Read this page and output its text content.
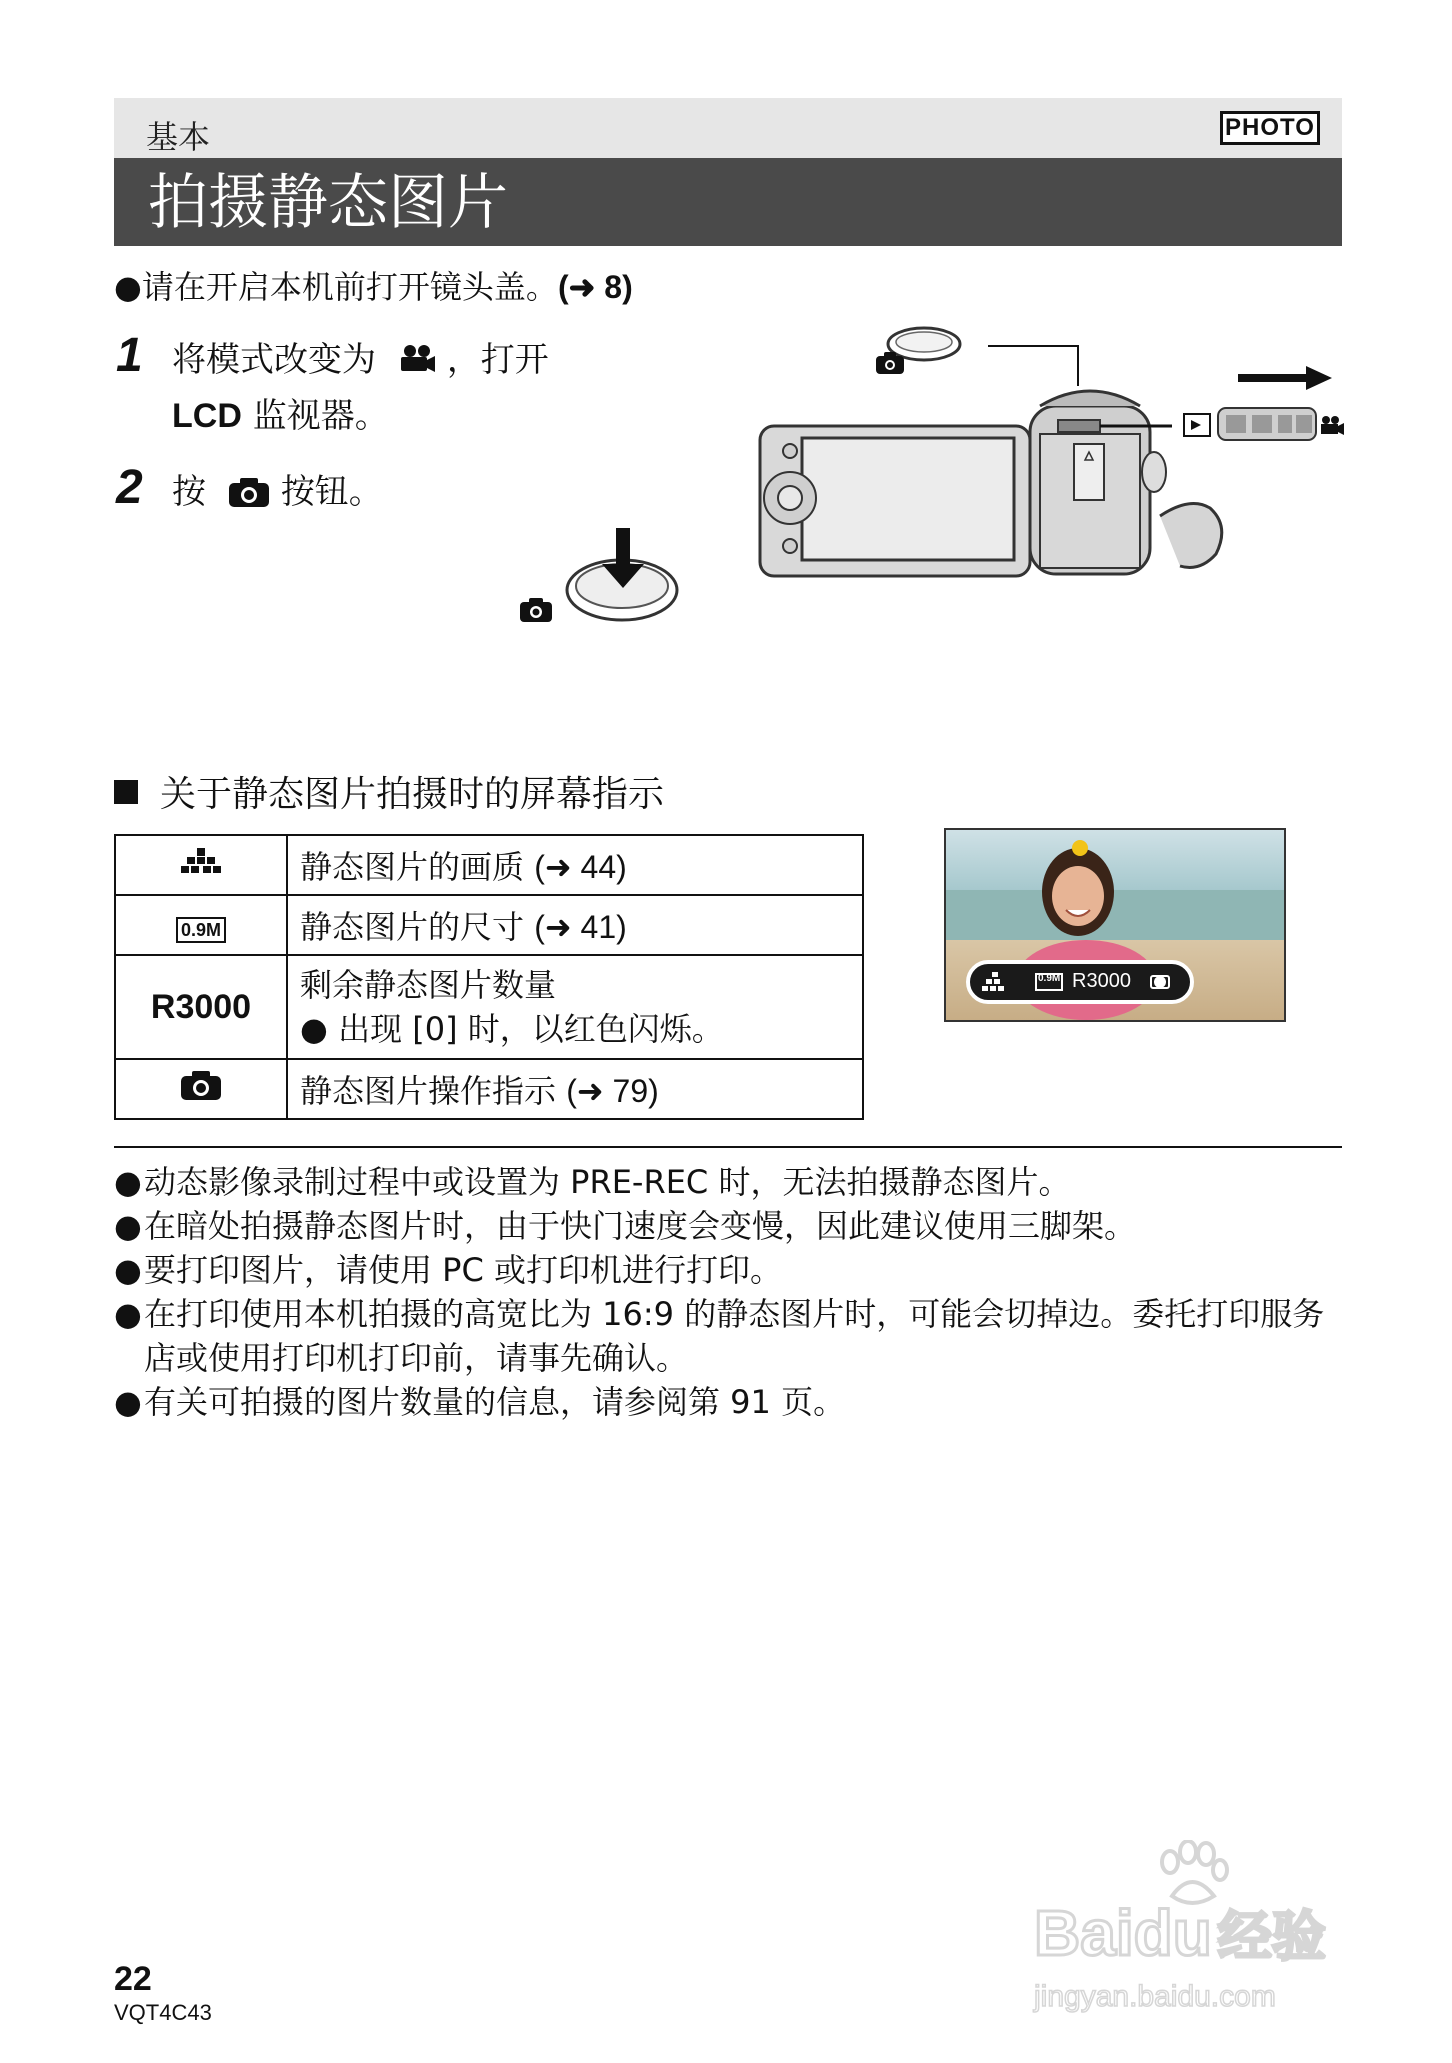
基本	PHOTO
拍摄静态图片
●请在开启本机前打开镜头盖。(➜ 8)
1 将模式改变为 ，打开
LCD 监视器。
2 按 按钮。
关于静态图片拍摄时的屏幕指示
	静态图片的画质 (➜ 44)
0.9M	静态图片的尺寸 (➜ 41)
R3000	剩余静态图片数量
● 出现 [0] 时，以红色闪烁。

	静态图片操作指示 (➜ 79)
0.9M R3000
● 动态影像录制过程中或设置为 PRE-REC 时，无法拍摄静态图片。
● 在暗处拍摄静态图片时，由于快门速度会变慢，因此建议使用三脚架。
● 要打印图片，请使用 PC 或打印机进行打印。
● 在打印使用本机拍摄的高宽比为 16:9 的静态图片时，可能会切掉边。委托打印服务店或使用打印机打印前，请事先确认。
● 有关可拍摄的图片数量的信息，请参阅第 91 页。
22
VQT4C43
Baidu 经验
jingyan.baidu.com
